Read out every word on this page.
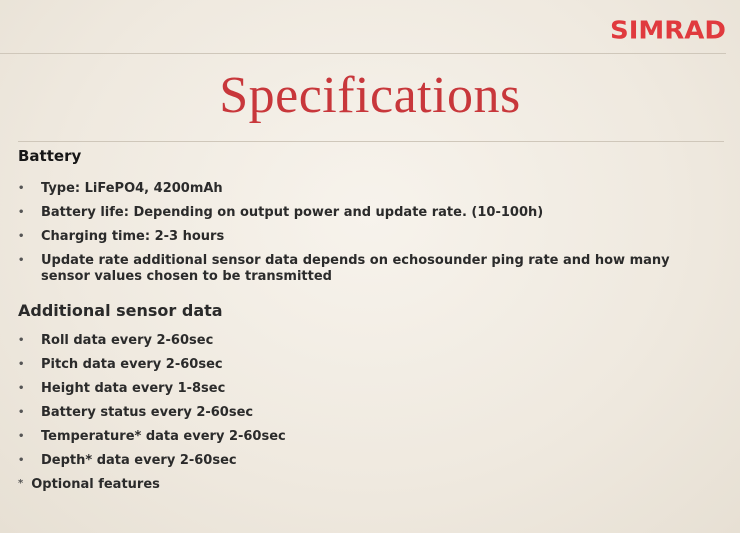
SIMRAD
Specifications
Battery
• Type: LiFePO4, 4200mAh
• Battery life: Depending on output power and update rate. (10-100h)
• Charging time: 2-3 hours
• Update rate additional sensor data depends on echosounder ping rate and how many sensor values chosen to be transmitted
Additional sensor data
• Roll data every 2-60sec
• Pitch data every 2-60sec
• Height data every 1-8sec
• Battery status every 2-60sec
• Temperature* data every 2-60sec
• Depth* data every 2-60sec
* Optional features
